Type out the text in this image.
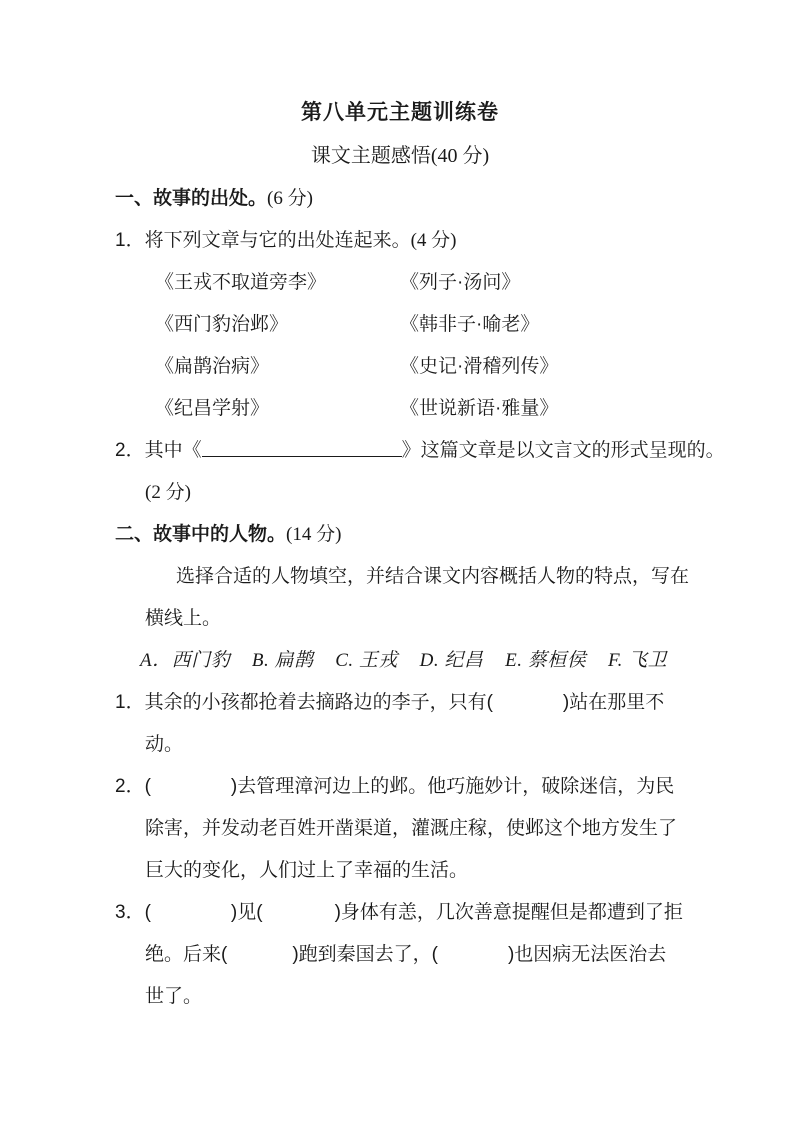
第八单元主题训练卷
课文主题感悟(40 分)
一、故事的出处。(6 分)
1．将下列文章与它的出处连起来。(4 分)
《王戎不取道旁李》	《列子·汤问》
《西门豹治邺》	《韩非子·喻老》
《扁鹊治病》	《史记·滑稽列传》
《纪昌学射》	《世说新语·雅量》
2．其中《	》这篇文章是以文言文的形式呈现的。
(2 分)
二、故事中的人物。(14 分)
选择合适的人物填空，并结合课文内容概括人物的特点，写在
横线上。
A．西门豹 B. 扁鹊 C. 王戎 D. 纪昌 E. 蔡桓侯 F. 飞卫
1．其余的小孩都抢着去摘路边的李子，只有(	)站在那里不
动。
2．(	)去管理漳河边上的邺。他巧施妙计，破除迷信，为民
除害，并发动老百姓开凿渠道，灌溉庄稼，使邺这个地方发生了
巨大的变化，人们过上了幸福的生活。
3．(	)见(	)身体有恙，几次善意提醒但是都遭到了拒
绝。后来(	)跑到秦国去了，(	)也因病无法医治去
世了。
